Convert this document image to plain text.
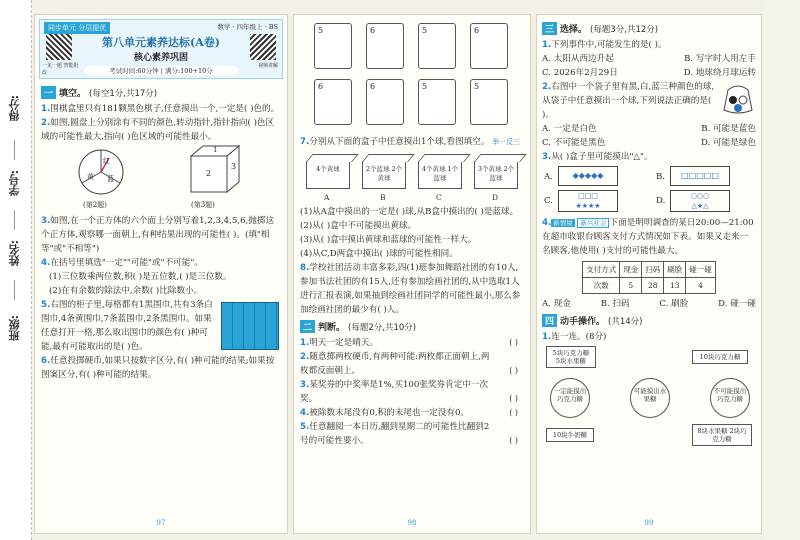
得分:
学号:
姓名:
班级:
同步单元 分层提优	数学 · 四年级上 · BS
一见一题 智能批改
视频讲解
第八单元素养达标(A卷)
核心素养巩固
考试时间:60分钟 | 满分:100+10分
一 填空。 (每空1分,共17分)
1.围棋盒里只有181颗黑色棋子,任意摸出一个,一定是( )色的。
2.如图,圆盘上分别涂有不同的颜色,转动指针,指针指向( )色区域的可能性最大,指向( )色区域的可能性最小。
红
黄 蓝
2
3
1
(第2题)	(第3题)
3.如图,在一个正方体的六个面上分别写着1,2,3,4,5,6,抛掷这个正方体,观察哪一面朝上,有种结果出现的可能性( )。(填"相等"或"不相等")
4.在括号里填选"一定""可能"或"不可能"。
(1)三位数乘两位数,积( )是五位数,( )是三位数。
(2)在有余数的除法中,余数( )比除数小。
5.右图的柜子里,每格都有1黑围巾,共有3条白围巾,4条黄围巾,7条蓝围巾,2条黑围巾。如果任意打开一格,那么取出围巾的颜色有( )种可能,最有可能取出的是( )色。
6.任意投掷硬币,如果只按数字区分,有( )种可能的结果;如果按图案区分,有( )种可能的结果。
97
5	6	5	6
6	6	5	5
7.分别从下面的盒子中任意摸出1个球,看图填空。 举一反三
4个黄球	2个蓝球 2个黄球
4个黄球 1个蓝球
3个黄球 2个蓝球
A	B	C	D
(1)从A盒中摸出的一定是( )球,从B盒中摸出的( )是蓝球。
(2)从( )盒中不可能摸出黄球。
(3)从( )盒中摸出黄球和蓝球的可能性一样大。
(4)从C,D两盒中摸出( )球的可能性相同。
8.学校社团活动丰富多彩,四(1)班参加舞蹈社团的有10人,参加书法社团的有15人,还有参加绘画社团的,从中选取1人进行汇报表演,如果抽到绘画社团同学的可能性最小,那么参加绘画社团的最少有( )人。
二 判断。 (每题2分,共10分)
1.明天一定是晴天。	( )
2.随意掷两枚硬币,有两种可能:两枚都正面朝上,两枚都反面朝上。	( )
3.某奖券的中奖率是1%,买100张奖券肯定中一次奖。	( )
4.被除数末尾没有0,积的末尾也一定没有0。	( )
5.任意翻阅一本日历,翻到星期二的可能性比翻到2号的可能性要小。	( )
98
三 选择。 (每题3分,共12分)
1.下列事件中,可能发生的是( )。
A. 太阳从西边升起	B. 写字时人用左手
C. 2026年2月29日	D. 地球绕月球运转
2.右图中一个袋子里有黑,白,蓝三种颜色的球,从袋子中任意摸出一个球,下列说法正确的是( )。
A. 一定是白色	B. 可能是蓝色
C. 不可能是黑色	D. 可能是绿色
3.从( )盒子里可能摸出"△"。
A.	◆◆◆◆◆	B.	□□□□□
C.	□□□
★★★★	D.	○○○
△★△
4. 新情境 新兴社会 下面是明明调查的某日20:00—21:00在超市收银台顾客支付方式情况如下表。如果又走来一名顾客,他使用( )支付的可能性最大。
支付方式	现金	扫码	刷脸	碰一碰
次数	5	28	13	4
A. 现金	B. 扫码	C. 刷脸	D. 碰一碰
四 动手操作。 (共14分)
1.连一连。(8分)
5块巧克力糖 5块水果糖	10块巧克力糖
一定能摸出巧克力糖
可能摸出水果糖
不可能摸出巧克力糖
10块牛奶糖	8块水果糖 2块巧克力糖
99
